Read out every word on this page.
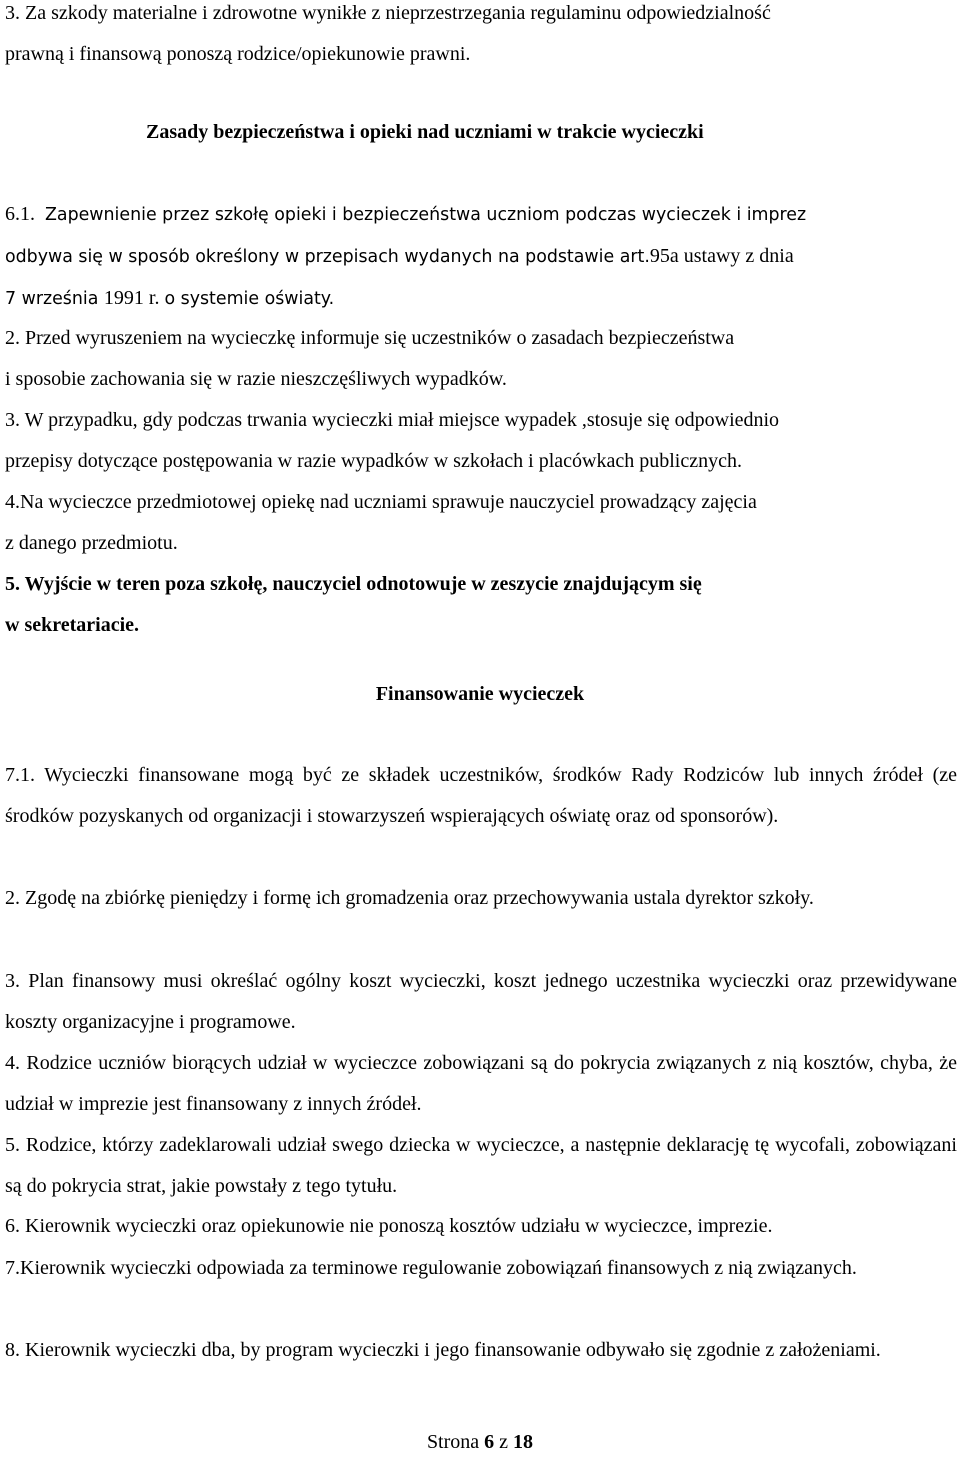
3. Za szkody materialne i zdrowotne wynikłe z nieprzestrzegania regulaminu odpowiedzialność
prawną i finansową ponoszą rodzice/opiekunowie prawni.
Zasady bezpieczeństwa i opieki nad uczniami w trakcie wycieczki
6.1. Zapewnienie przez szkołę opieki i bezpieczeństwa uczniom podczas wycieczek i imprez
odbywa się w sposób określony w przepisach wydanych na podstawie art.95a ustawy z dnia
7 września 1991 r. o systemie oświaty.
2. Przed wyruszeniem na wycieczkę informuje się uczestników o zasadach bezpieczeństwa
i sposobie zachowania się w razie nieszczęśliwych wypadków.
3. W przypadku, gdy podczas trwania wycieczki miał miejsce wypadek ,stosuje się odpowiednio
przepisy dotyczące postępowania w razie wypadków w szkołach i placówkach publicznych.
4.Na wycieczce przedmiotowej opiekę nad uczniami sprawuje nauczyciel prowadzący zajęcia
z danego przedmiotu.
5. Wyjście w teren poza szkołę, nauczyciel odnotowuje w zeszycie znajdującym się
w sekretariacie.
Finansowanie wycieczek

7.1. Wycieczki finansowane mogą być ze składek uczestników, środków Rady Rodziców lub innych źródeł (ze środków pozyskanych od organizacji i stowarzyszeń wspierających oświatę oraz od sponsorów).

2. Zgodę na zbiórkę pieniędzy i formę ich gromadzenia oraz przechowywania ustala dyrektor szkoły.

3. Plan finansowy musi określać ogólny koszt wycieczki, koszt jednego uczestnika wycieczki oraz przewidywane koszty organizacyjne i programowe.

4. Rodzice uczniów biorących udział w wycieczce zobowiązani są do pokrycia związanych z nią kosztów, chyba, że udział w imprezie jest finansowany z innych źródeł.

5. Rodzice, którzy zadeklarowali udział swego dziecka w wycieczce, a następnie deklarację tę wycofali, zobowiązani są do pokrycia strat, jakie powstały z tego tytułu.

6. Kierownik wycieczki oraz opiekunowie nie ponoszą kosztów udziału w wycieczce, imprezie.

7.Kierownik wycieczki odpowiada za terminowe regulowanie zobowiązań finansowych z nią związanych.

8. Kierownik wycieczki dba, by program wycieczki i jego finansowanie odbywało się zgodnie z założeniami.

Strona 6 z 18
